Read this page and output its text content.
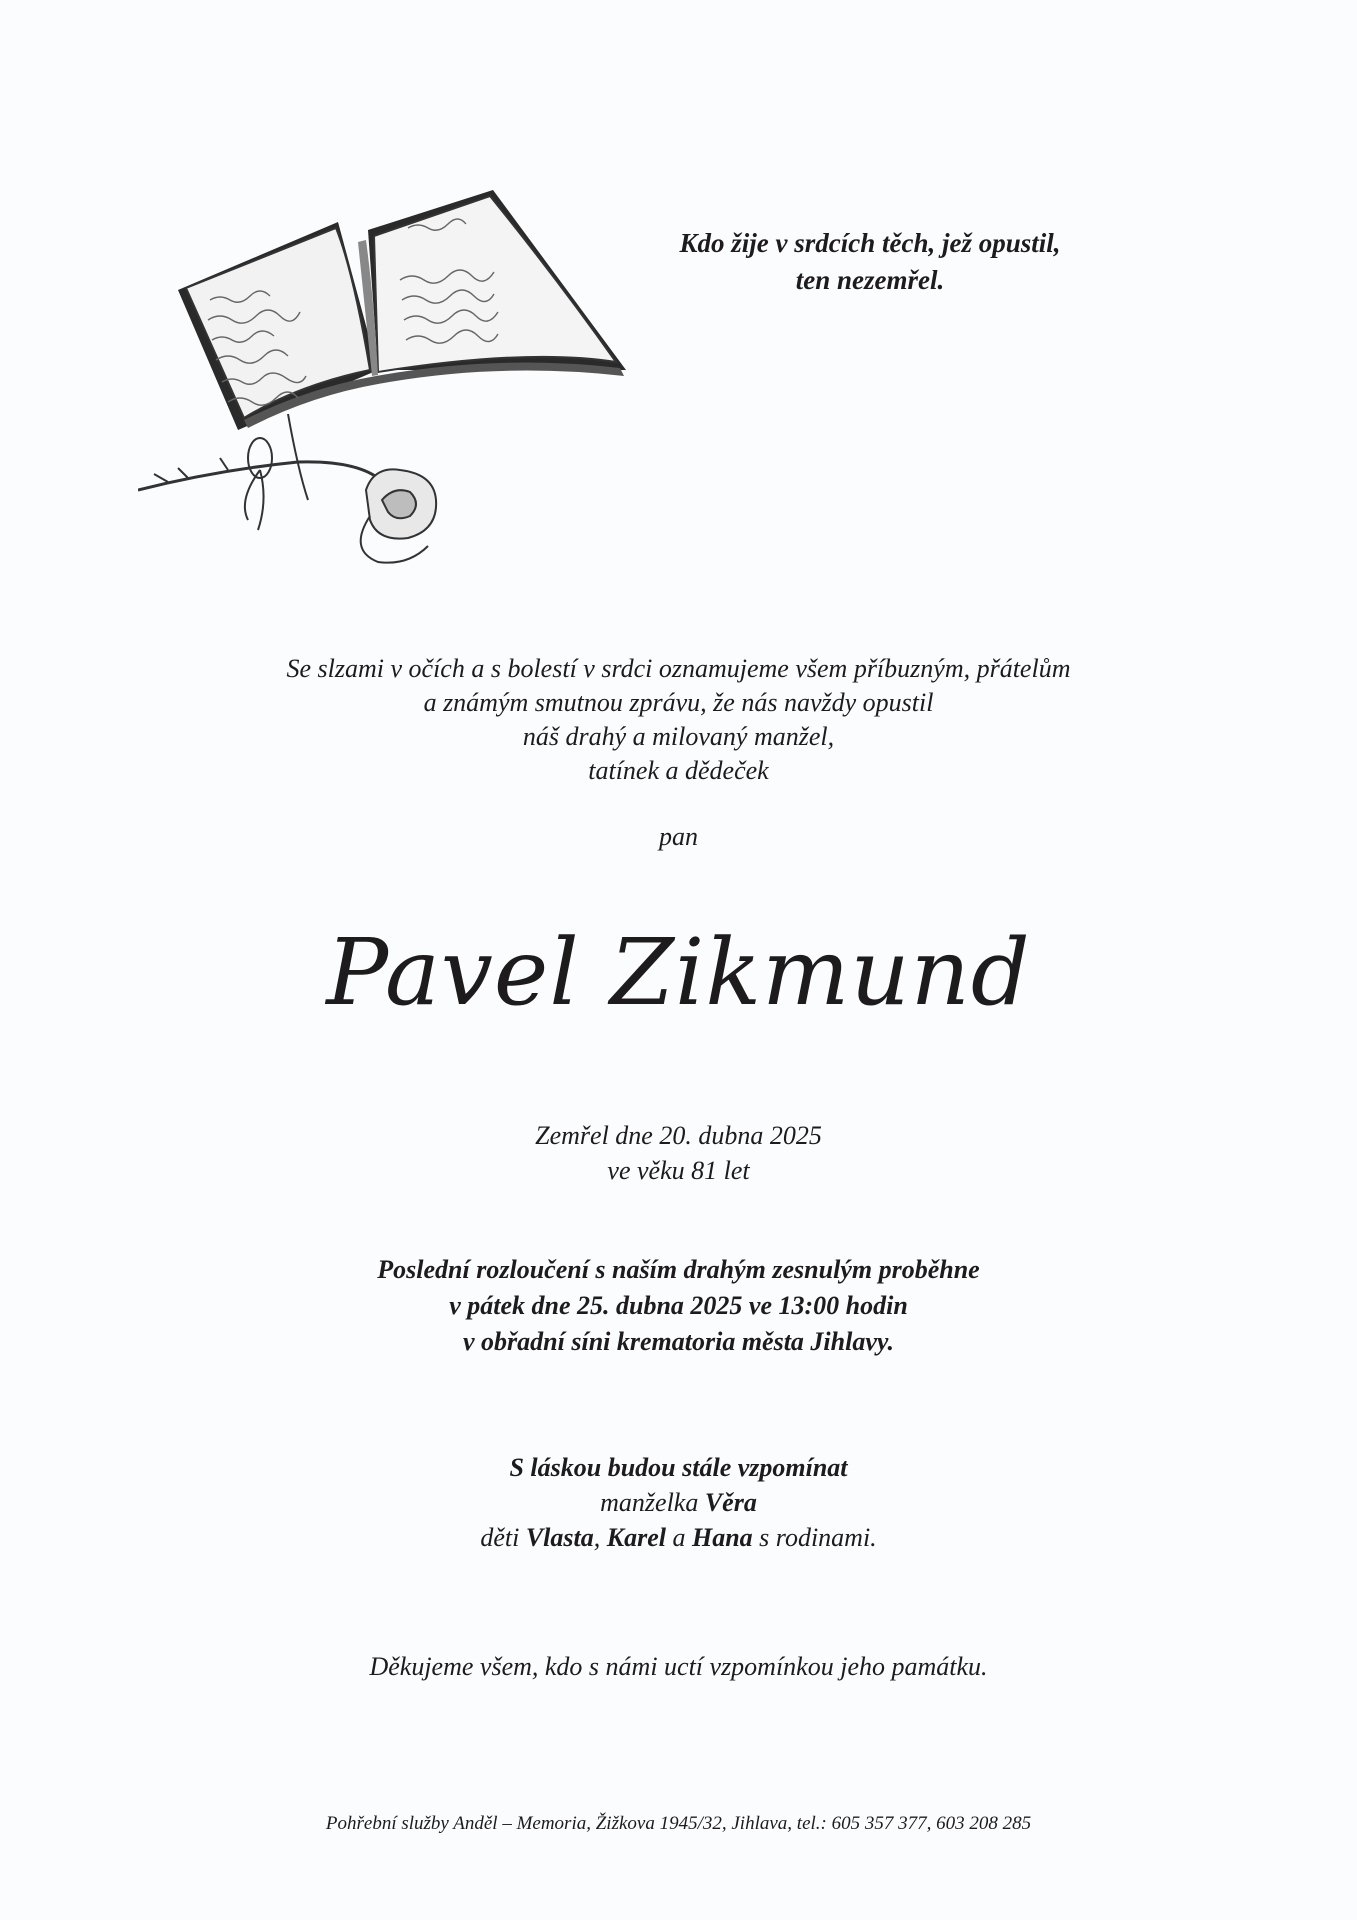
Kdo žije v srdcích těch, jež opustil,
ten nezemřel.
Se slzami v očích a s bolestí v srdci oznamujeme všem příbuzným, přátelům
a známým smutnou zprávu, že nás navždy opustil
náš drahý a milovaný manžel,
tatínek a dědeček
pan
Pavel Zikmund
Zemřel dne 20. dubna 2025
ve věku 81 let
Poslední rozloučení s naším drahým zesnulým proběhne
v pátek dne 25. dubna 2025 ve 13:00 hodin
v obřadní síni krematoria města Jihlavy.
S láskou budou stále vzpomínat
manželka Věra
děti Vlasta, Karel a Hana s rodinami.
Děkujeme všem, kdo s námi uctí vzpomínkou jeho památku.
Pohřební služby Anděl – Memoria, Žižkova 1945/32, Jihlava, tel.: 605 357 377, 603 208 285
